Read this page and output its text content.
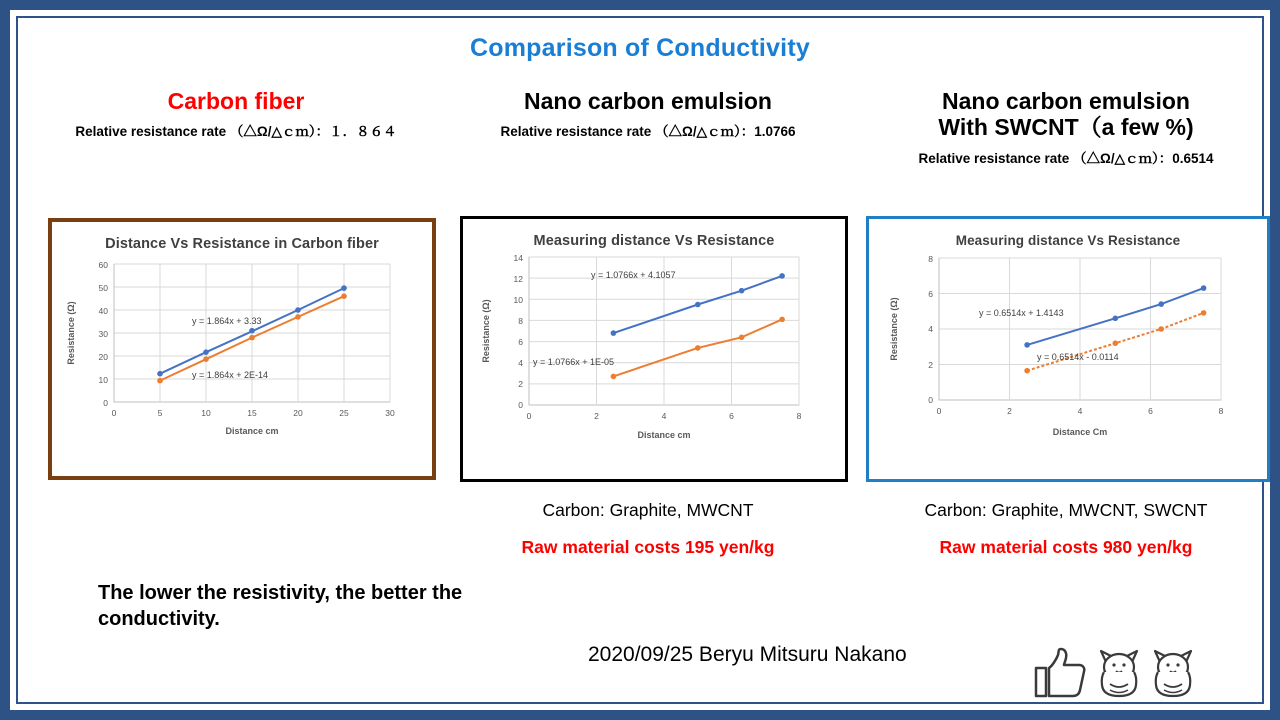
Comparison of Conductivity
Carbon fiber
Relative resistance rate （△Ω/△ｃｍ）：１．８６４
Distance Vs Resistance in Carbon fiber
0
10
20
30
40
50
60
0	5	10	15	20	25	30
Distance cm
Resistance (Ω)	y = 1.864x + 3.33
y = 1.864x + 2E-14
Nano carbon emulsion
Relative resistance rate （△Ω/△ｃｍ）：1.0766
Measuring distance Vs Resistance
0
2
4
6
8
10
12
14
0	2	4	6	8
Distance cm
Resistance (Ω)
y = 1.0766x + 4.1057
y = 1.0766x + 1E-05
Nano carbon emulsion
With SWCNT（a few %)
Relative resistance rate （△Ω/△ｃｍ）：0.6514
Measuring distance Vs Resistance
0
2
4
6
8
0	2	4	6	8
Distance Cm
Resistance (Ω)	y = 0.6514x + 1.4143
y = 0.6514x - 0.0114
Carbon: Graphite, MWCNT
Raw material costs 195 yen/kg
Carbon: Graphite, MWCNT, SWCNT
Raw material costs 980 yen/kg
The lower the resistivity, the better the conductivity.
2020/09/25 Beryu Mitsuru Nakano
